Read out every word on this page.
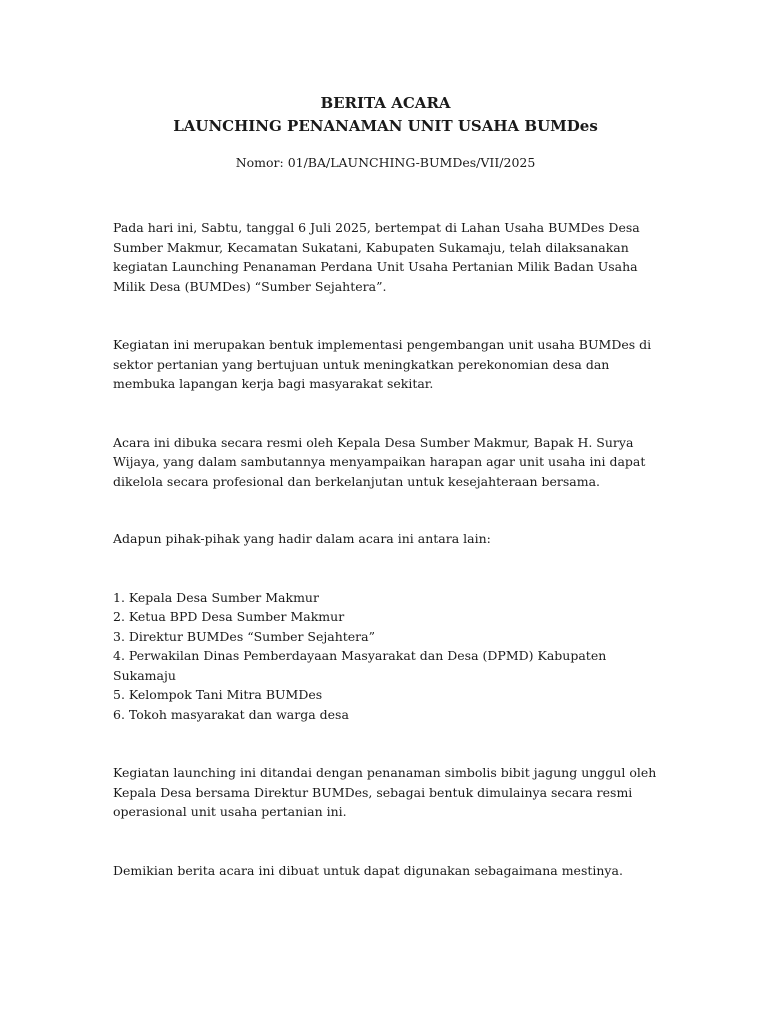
BERITA ACARA
LAUNCHING PENANAMAN UNIT USAHA BUMDes

Nomor: 01/BA/LAUNCHING-BUMDes/VII/2025

Pada hari ini, Sabtu, tanggal 6 Juli 2025, bertempat di Lahan Usaha BUMDes Desa Sumber Makmur, Kecamatan Sukatani, Kabupaten Sukamaju, telah dilaksanakan kegiatan Launching Penanaman Perdana Unit Usaha Pertanian Milik Badan Usaha Milik Desa (BUMDes) “Sumber Sejahtera”.

Kegiatan ini merupakan bentuk implementasi pengembangan unit usaha BUMDes di sektor pertanian yang bertujuan untuk meningkatkan perekonomian desa dan membuka lapangan kerja bagi masyarakat sekitar.

Acara ini dibuka secara resmi oleh Kepala Desa Sumber Makmur, Bapak H. Surya Wijaya, yang dalam sambutannya menyampaikan harapan agar unit usaha ini dapat dikelola secara profesional dan berkelanjutan untuk kesejahteraan bersama.

Adapun pihak-pihak yang hadir dalam acara ini antara lain:

1. Kepala Desa Sumber Makmur
2. Ketua BPD Desa Sumber Makmur
3. Direktur BUMDes “Sumber Sejahtera”
4. Perwakilan Dinas Pemberdayaan Masyarakat dan Desa (DPMD) Kabupaten Sukamaju
5. Kelompok Tani Mitra BUMDes
6. Tokoh masyarakat dan warga desa

Kegiatan launching ini ditandai dengan penanaman simbolis bibit jagung unggul oleh Kepala Desa bersama Direktur BUMDes, sebagai bentuk dimulainya secara resmi operasional unit usaha pertanian ini.

Demikian berita acara ini dibuat untuk dapat digunakan sebagaimana mestinya.
